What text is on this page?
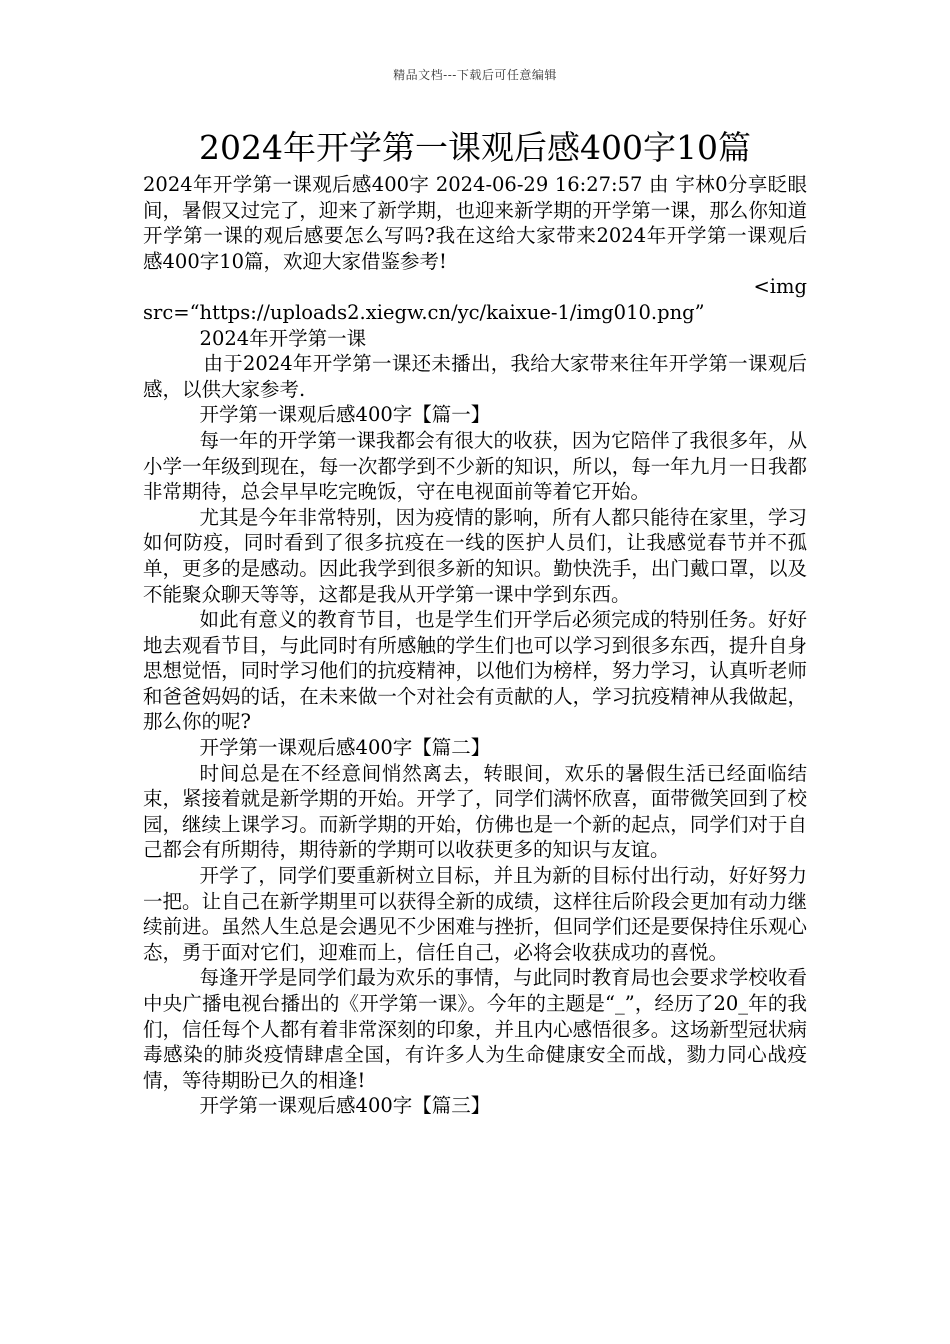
精品文档---下载后可任意编辑
2024年开学第一课观后感400字10篇

2024年开学第一课观后感400字 2024-06-29 16:27:57 由 宇林0分享眨眼间，暑假又过完了，迎来了新学期，也迎来新学期的开学第一课，那么你知道开学第一课的观后感要怎么写吗?我在这给大家带来2024年开学第一课观后感400字10篇，欢迎大家借鉴参考!

<img

src=“https://uploads2.xiegw.cn/yc/kaixue-1/img010.png”

2024年开学第一课

由于2024年开学第一课还未播出，我给大家带来往年开学第一课观后感，以供大家参考.

开学第一课观后感400字【篇一】

每一年的开学第一课我都会有很大的收获，因为它陪伴了我很多年，从小学一年级到现在，每一次都学到不少新的知识，所以，每一年九月一日我都非常期待，总会早早吃完晚饭，守在电视面前等着它开始。

尤其是今年非常特别，因为疫情的影响，所有人都只能待在家里，学习如何防疫，同时看到了很多抗疫在一线的医护人员们，让我感觉春节并不孤单，更多的是感动。因此我学到很多新的知识。勤快洗手，出门戴口罩，以及不能聚众聊天等等，这都是我从开学第一课中学到东西。

如此有意义的教育节目，也是学生们开学后必须完成的特别任务。好好地去观看节目，与此同时有所感触的学生们也可以学习到很多东西，提升自身思想觉悟，同时学习他们的抗疫精神，以他们为榜样，努力学习，认真听老师和爸爸妈妈的话，在未来做一个对社会有贡献的人，学习抗疫精神从我做起，那么你的呢?

开学第一课观后感400字【篇二】

时间总是在不经意间悄然离去，转眼间，欢乐的暑假生活已经面临结束，紧接着就是新学期的开始。开学了，同学们满怀欣喜，面带微笑回到了校园，继续上课学习。而新学期的开始，仿佛也是一个新的起点，同学们对于自己都会有所期待，期待新的学期可以收获更多的知识与友谊。

开学了，同学们要重新树立目标，并且为新的目标付出行动，好好努力一把。让自己在新学期里可以获得全新的成绩，这样往后阶段会更加有动力继续前进。虽然人生总是会遇见不少困难与挫折，但同学们还是要保持住乐观心态，勇于面对它们，迎难而上，信任自己，必将会收获成功的喜悦。

每逢开学是同学们最为欢乐的事情，与此同时教育局也会要求学校收看中央广播电视台播出的《开学第一课》。今年的主题是“_”，经历了20_年的我们，信任每个人都有着非常深刻的印象，并且内心感悟很多。这场新型冠状病毒感染的肺炎疫情肆虐全国，有许多人为生命健康安全而战，勠力同心战疫情，等待期盼已久的相逢!

开学第一课观后感400字【篇三】
